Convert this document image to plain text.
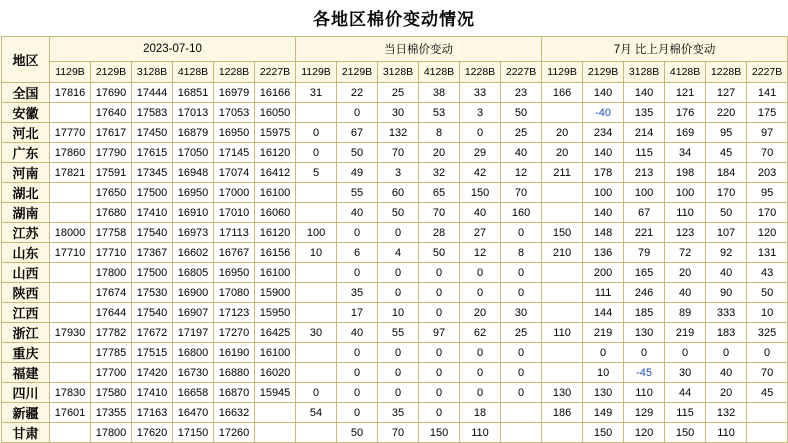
各地区棉价变动情况
地区	2023-07-10						当日棉价变动						7月 比上月棉价变动					
	1129B	2129B	3128B	4128B	1228B	2227B	1129B	2129B	3128B	4128B	1228B	2227B	1129B	2129B	3128B	4128B	1228B	2227B
全国	17816	17690	17444	16851	16979	16166	31	22	25	38	33	23	166	140	140	121	127	141
安徽		17640	17583	17013	17053	16050		0	30	53	3	50		-40	135	176	220	175
河北	17770	17617	17450	16879	16950	15975	0	67	132	8	0	25	20	234	214	169	95	97
广东	17860	17790	17615	17050	17145	16120	0	50	70	20	29	40	20	140	115	34	45	70
河南	17821	17591	17345	16948	17074	16412	5	49	3	32	42	12	211	178	213	198	184	203
湖北		17650	17500	16950	17000	16100		55	60	65	150	70		100	100	100	170	95
湖南		17680	17410	16910	17010	16060		40	50	70	40	160		140	67	110	50	170
江苏	18000	17758	17540	16973	17113	16120	100	0	0	28	27	0	150	148	221	123	107	120
山东	17710	17710	17367	16602	16767	16156	10	6	4	50	12	8	210	136	79	72	92	131
山西		17800	17500	16805	16950	16100		0	0	0	0	0		200	165	20	40	43
陕西		17674	17530	16900	17080	15900		35	0	0	0	0		111	246	40	90	50
江西		17644	17540	16907	17123	15950		17	10	0	20	30		144	185	89	333	10
浙江	17930	17782	17672	17197	17270	16425	30	40	55	97	62	25	110	219	130	219	183	325
重庆		17785	17515	16800	16190	16100		0	0	0	0	0		0	0	0	0	0
福建		17700	17420	16730	16880	16020		0	0	0	0	0		10	-45	30	40	70
四川	17830	17580	17410	16658	16870	15945	0	0	0	0	0	0	130	130	110	44	20	45
新疆	17601	17355	17163	16470	16632		54	0	35	0	18		186	149	129	115	132	
甘肃		17800	17620	17150	17260			50	70	150	110			150	120	150	110	
